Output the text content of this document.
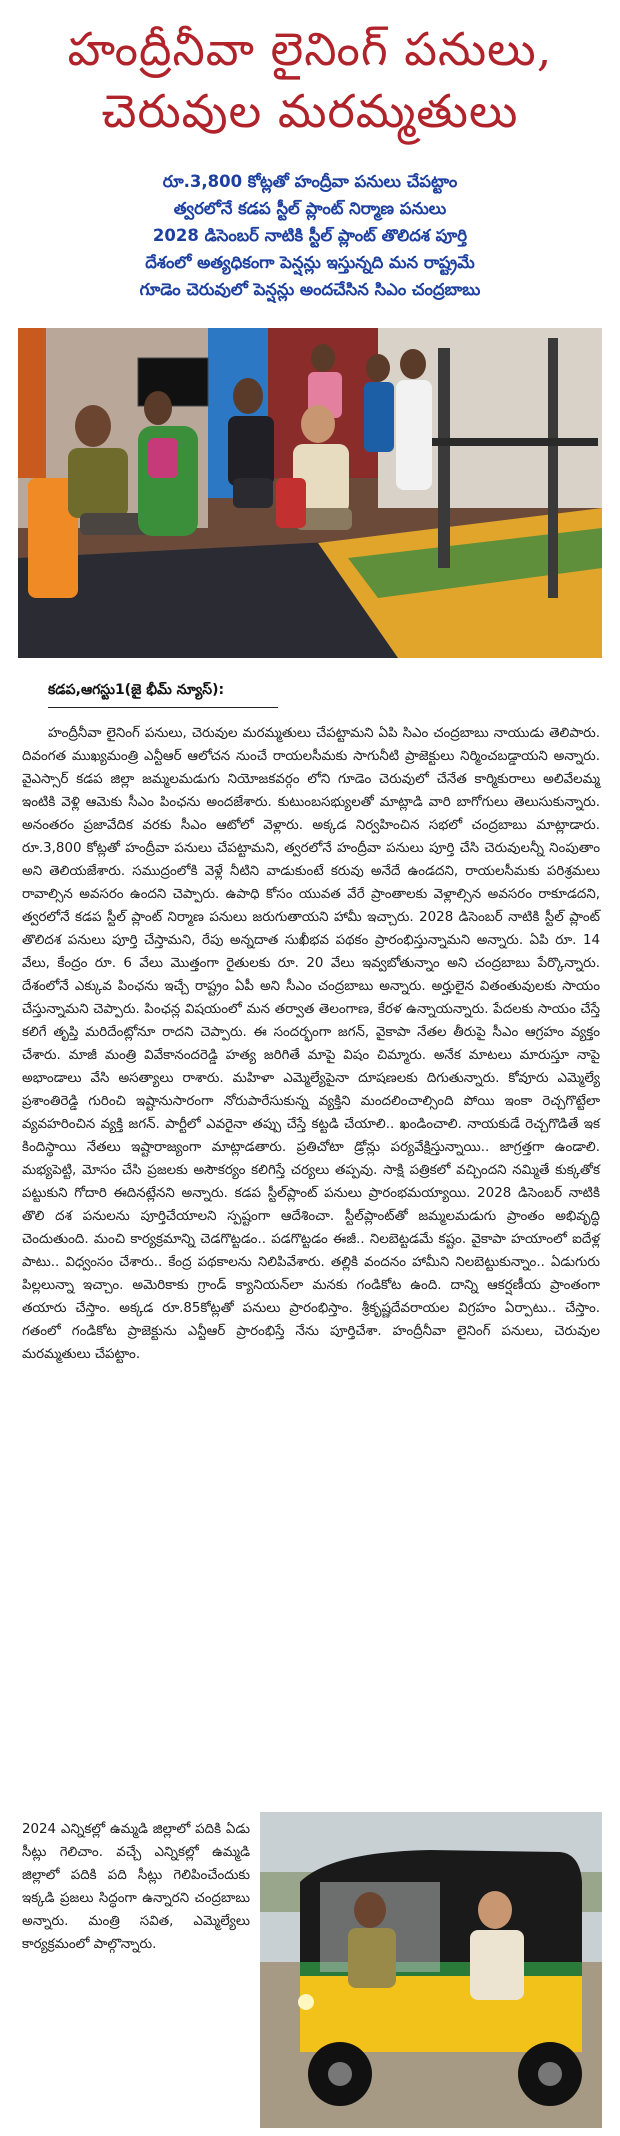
హంద్రీనీవా లైనింగ్ పనులు,
చెరువుల మరమ్మతులు
రూ.3,800 కోట్లతో హంద్రీవా పనులు చేపట్టాం
త్వరలోనే కడప స్టీల్ ప్లాంట్ నిర్మాణ పనులు
2028 డిసెంబర్ నాటికి స్టీల్ ప్లాంట్ తొలిదశ పూర్తి
దేశంలో అత్యధికంగా పెన్షన్లు ఇస్తున్నది మన రాష్ట్రమే
గూడెం చెరువులో పెన్షన్లు అందచేసిన సిఎం చంద్రబాబు
కడప,ఆగస్టు1(జై భీమ్ న్యూస్):
హంద్రీనీవా లైనింగ్ పనులు, చెరువుల మరమ్మతులు చేపట్టామని ఏపి సిఎం చంద్రబాబు నాయుడు తెలిపారు. దివంగత ముఖ్యమంత్రి ఎన్టీఆర్ ఆలోచన నుంచే రాయలసీమకు సాగునీటి ప్రాజెక్టులు నిర్మించబడ్డాయని అన్నారు. వైఎస్సార్ కడప జిల్లా జమ్మలమడుగు నియోజకవర్గం లోని గూడెం చెరువులో చేనేత కార్మికురాలు అలివేలమ్మ ఇంటికి వెళ్లి ఆమెకు సీఎం పింఛను అందజేశారు. కుటుంబసభ్యులతో మాట్లాడి వారి బాగోగులు తెలుసుకున్నారు. అనంతరం ప్రజావేదిక వరకు సీఎం ఆటోలో వెళ్లారు. అక్కడ నిర్వహించిన సభలో చంద్రబాబు మాట్లాడారు. రూ.3,800 కోట్లతో హంద్రీవా పనులు చేపట్టామని, త్వరలోనే హంద్రీవా పనులు పూర్తి చేసి చెరువులన్నీ నింపుతాం అని తెలియజేశారు. సముద్రంలోకి వెళ్లే నీటిని వాడుకుంటే కరువు అనేదే ఉండదని, రాయలసీమకు పరిశ్రమలు రావాల్సిన అవసరం ఉందని చెప్పారు. ఉపాధి కోసం యువత వేరే ప్రాంతాలకు వెళ్లాల్సిన అవసరం రాకూడదని, త్వరలోనే కడప స్టీల్ ప్లాంట్ నిర్మాణ పనులు జరుగుతాయని హామీ ఇచ్చారు. 2028 డిసెంబర్ నాటికి స్టీల్ ప్లాంట్ తొలిదశ పనులు పూర్తి చేస్తామని, రేపు అన్నదాత సుఖీభవ పథకం ప్రారంభిస్తున్నామని అన్నారు. ఏపి రూ. 14 వేలు, కేంద్రం రూ. 6 వేలు మొత్తంగా రైతులకు రూ. 20 వేలు ఇవ్వబోతున్నాం అని చంద్రబాబు పేర్కొన్నారు. దేశంలోనే ఎక్కువ పింఛను ఇచ్చే రాష్ట్రం ఏపీ అని సీఎం చంద్రబాబు అన్నారు. అర్హులైన వితంతువులకు సాయం చేస్తున్నామని చెప్పారు. పింఛన్ల విషయంలో మన తర్వాత తెలంగాణ, కేరళ ఉన్నాయన్నారు. పేదలకు సాయం చేస్తే కలిగే తృప్తి మరిదేంట్లోనూ రాదని చెప్పారు. ఈ సందర్భంగా జగన్, వైకాపా నేతల తీరుపై సీఎం ఆగ్రహం వ్యక్తం చేశారు. మాజీ మంత్రి వివేకానందరెడ్డి హత్య జరిగితే మాపై విషం చిమ్మారు. అనేక మాటలు మారుస్తూ నాపై అభాండాలు వేసి అసత్యాలు రాశారు. మహిళా ఎమ్మెల్యేపైనా దూషణలకు దిగుతున్నారు. కోవూరు ఎమ్మెల్యే ప్రశాంతిరెడ్డి గురించి ఇష్టానుసారంగా నోరుపారేసుకున్న వ్యక్తిని మందలించాల్సింది పోయి ఇంకా రెచ్చగొట్టేలా వ్యవహరించిన వ్యక్తి జగన్. పార్టీలో ఎవరైనా తప్పు చేస్తే కట్టడి చేయాలి.. ఖండించాలి. నాయకుడే రెచ్చగొడితే ఇక కిందిస్థాయి నేతలు ఇష్టారాజ్యంగా మాట్లాడతారు. ప్రతిచోటా డ్రోన్లు పర్యవేక్షిస్తున్నాయి.. జాగ్రత్తగా ఉండాలి. మభ్యపెట్టి, మోసం చేసి ప్రజలకు అసౌకర్యం కలిగిస్తే చర్యలు తప్పవు. సాక్షి పత్రికలో వచ్చిందని నమ్మితే కుక్కతోక పట్టుకుని గోదారి ఈదినట్లేనని అన్నారు. కడప స్టీల్‌ప్లాంట్ పనులు ప్రారంభమయ్యాయి. 2028 డిసెంబర్ నాటికి తొలి దశ పనులను పూర్తిచేయాలని స్పష్టంగా ఆదేశించా. స్టీల్‌ప్లాంట్‌తో జమ్మలమడుగు ప్రాంతం అభివృద్ధి చెందుతుంది. మంచి కార్యక్రమాన్ని చెడగొట్టడం.. పడగొట్టడం ఈజీ.. నిలబెట్టడమే కష్టం. వైకాపా హయాంలో ఐదేళ్ల పాటు.. విధ్వంసం చేశారు.. కేంద్ర పథకాలను నిలిపివేశారు. తల్లికి వందనం హామీని నిలబెట్టుకున్నాం.. ఏడుగురు పిల్లలున్నా ఇచ్చాం. అమెరికాకు గ్రాండ్ క్యానియన్‌లా మనకు గండికోట ఉంది. దాన్ని ఆకర్షణీయ ప్రాంతంగా తయారు చేస్తాం. అక్కడ రూ.85కోట్లతో పనులు ప్రారంభిస్తాం. శ్రీకృష్ణదేవరాయల విగ్రహం ఏర్పాటు.. చేస్తాం. గతంలో గండికోట ప్రాజెక్టును ఎన్టీఆర్ ప్రారంభిస్తే నేను పూర్తిచేశా. హంద్రీనీవా లైనింగ్ పనులు, చెరువుల మరమ్మతులు చేపట్టాం.
2024 ఎన్నికల్లో ఉమ్మడి జిల్లాలో పదికి ఏడు సీట్లు గెలిచాం. వచ్చే ఎన్నికల్లో ఉమ్మడి జిల్లాలో పదికి పది సీట్లు గెలిపించేందుకు ఇక్కడి ప్రజలు సిద్ధంగా ఉన్నారని చంద్రబాబు అన్నారు. మంత్రి సవిత, ఎమ్మెల్యేలు కార్యక్రమంలో పాల్గొన్నారు.
